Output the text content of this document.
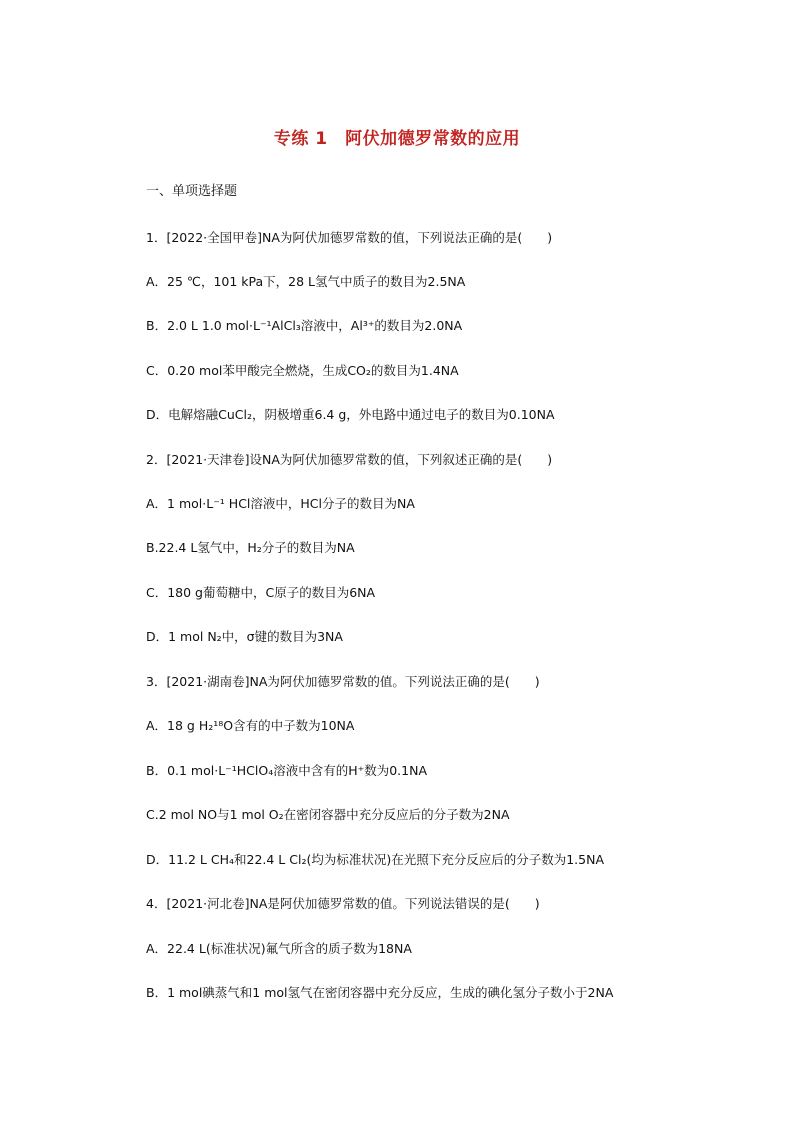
专练 1　阿伏加德罗常数的应用
一、单项选择题
1．[2022·全国甲卷]NA为阿伏加德罗常数的值，下列说法正确的是(　　)
A．25 ℃，101 kPa下，28 L氢气中质子的数目为2.5NA
B．2.0 L 1.0 mol·L⁻¹AlCl₃溶液中，Al³⁺的数目为2.0NA
C．0.20 mol苯甲酸完全燃烧，生成CO₂的数目为1.4NA
D．电解熔融CuCl₂，阴极增重6.4 g，外电路中通过电子的数目为0.10NA
2．[2021·天津卷]设NA为阿伏加德罗常数的值，下列叙述正确的是(　　)
A．1 mol·L⁻¹ HCl溶液中，HCl分子的数目为NA
B.22.4 L氢气中，H₂分子的数目为NA
C．180 g葡萄糖中，C原子的数目为6NA
D．1 mol N₂中，σ键的数目为3NA
3．[2021·湖南卷]NA为阿伏加德罗常数的值。下列说法正确的是(　　)
A．18 g H₂¹⁸O含有的中子数为10NA
B．0.1 mol·L⁻¹HClO₄溶液中含有的H⁺数为0.1NA
C.2 mol NO与1 mol O₂在密闭容器中充分反应后的分子数为2NA
D．11.2 L CH₄和22.4 L Cl₂(均为标准状况)在光照下充分反应后的分子数为1.5NA
4．[2021·河北卷]NA是阿伏加德罗常数的值。下列说法错误的是(　　)
A．22.4 L(标准状况)氟气所含的质子数为18NA
B．1 mol碘蒸气和1 mol氢气在密闭容器中充分反应，生成的碘化氢分子数小于2NA
